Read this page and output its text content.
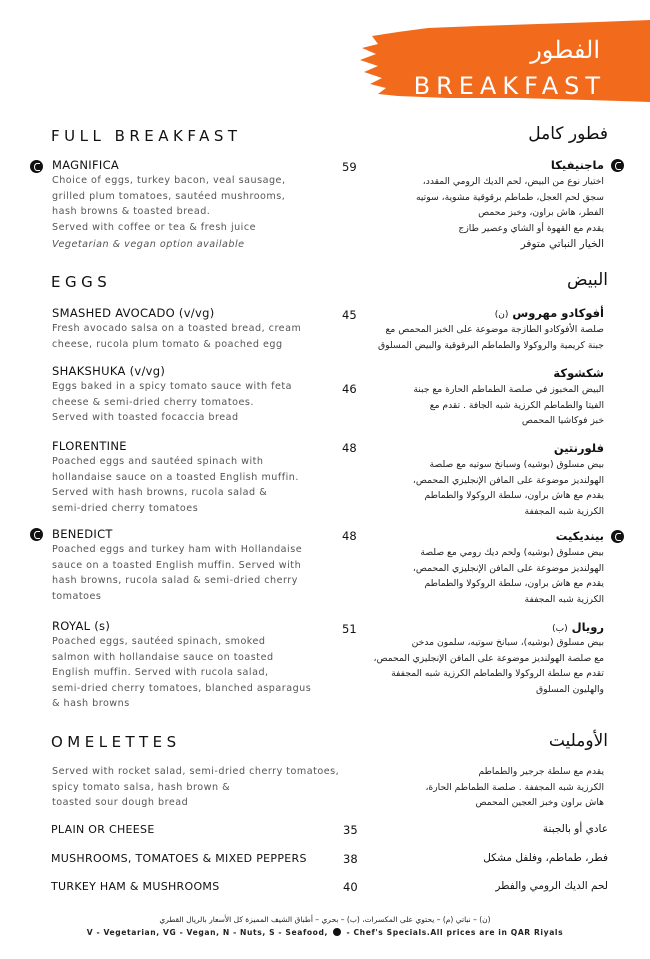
الفطور
BREAKFAST
FULL BREAKFAST	فطور كامل
MAGNIFICA
Choice of eggs, turkey bacon, veal sausage,
grilled plum tomatoes, sautéed mushrooms,
hash browns & toasted bread.
Served with coffee or tea & fresh juice
Vegetarian & vegan option available
59	ماجنيفيكا
اختيار نوع من البيض، لحم الديك الرومي المقدد،
سجق لحم العجل، طماطم برقوقية مشوية، سوتيه
الفطر، هاش براون، وخبز محمص
يقدم مع القهوة أو الشاي وعصير طازج
الخيار النباتي متوفر
EGGS	البيض
SMASHED AVOCADO (v/vg)
Fresh avocado salsa on a toasted bread, cream
cheese, rucola plum tomato & poached egg
45	أفوكادو مهروس (ن)
صلصة الأفوكادو الطازجة موضوعة على الخبز المحمص مع
جبنة كريمية والروكولا والطماطم البرقوقية والبيض المسلوق
SHAKSHUKA (v/vg)
Eggs baked in a spicy tomato sauce with feta
cheese & semi-dried cherry tomatoes.
Served with toasted focaccia bread
46
شكشوكة
البيض المخبوز في صلصة الطماطم الحارة مع جبنة
الفيتا والطماطم الكرزية شبه الجافة . تقدم مع
خبز فوكاشيا المحمص
FLORENTINE
Poached eggs and sautéed spinach with
hollandaise sauce on a toasted English muffin.
Served with hash browns, rucola salad &
semi-dried cherry tomatoes
48	فلورنتين
بيض مسلوق (بوشيه) وسبانخ سوتيه مع صلصة
الهولنديز موضوعة على المافن الإنجليزي المحمص،
يقدم مع هاش براون، سلطة الروكولا والطماطم
الكرزية شبه المجففة
BENEDICT
Poached eggs and turkey ham with Hollandaise
sauce on a toasted English muffin. Served with
hash browns, rucola salad & semi-dried cherry
tomatoes
48	بينديكيت
بيض مسلوق (بوشيه) ولحم ديك رومي مع صلصة
الهولنديز موضوعة على المافن الإنجليزي المحمص،
يقدم مع هاش براون، سلطة الروكولا والطماطم
الكرزية شبه المجففة
ROYAL (s)
Poached eggs, sautéed spinach, smoked
salmon with hollandaise sauce on toasted
English muffin. Served with rucola salad,
semi-dried cherry tomatoes, blanched asparagus
& hash browns
51	رويال (ب)
بيض مسلوق (بوشيه)، سبانخ سوتيه، سلمون مدخن
مع صلصة الهولنديز موضوعة على المافن الإنجليزي المحمص،
تقدم مع سلطة الروكولا والطماطم الكرزية شبه المجففة
والهليون المسلوق
OMELETTES	الأومليت
Served with rocket salad, semi-dried cherry tomatoes,
spicy tomato salsa, hash brown &
toasted sour dough bread
يقدم مع سلطة جرجير والطماطم
الكرزية شبه المجففة . صلصة الطماطم الحارة،
هاش براون وخبز العجين المحمص
PLAIN OR CHEESE	35	عادي أو بالجبنة
MUSHROOMS, TOMATOES & MIXED PEPPERS	38	فطر، طماطم، وفلفل مشكل
TURKEY HAM & MUSHROOMS	40	لحم الديك الرومي والفطر
(ن) – نباتي (م) – يحتوي على المكسرات، (ب) – بحري – أطباق الشيف المميزة كل الأسعار بالريال القطري
V - Vegetarian, VG - Vegan, N - Nuts, S - Seafood, - Chef's Specials.All prices are in QAR Riyals
